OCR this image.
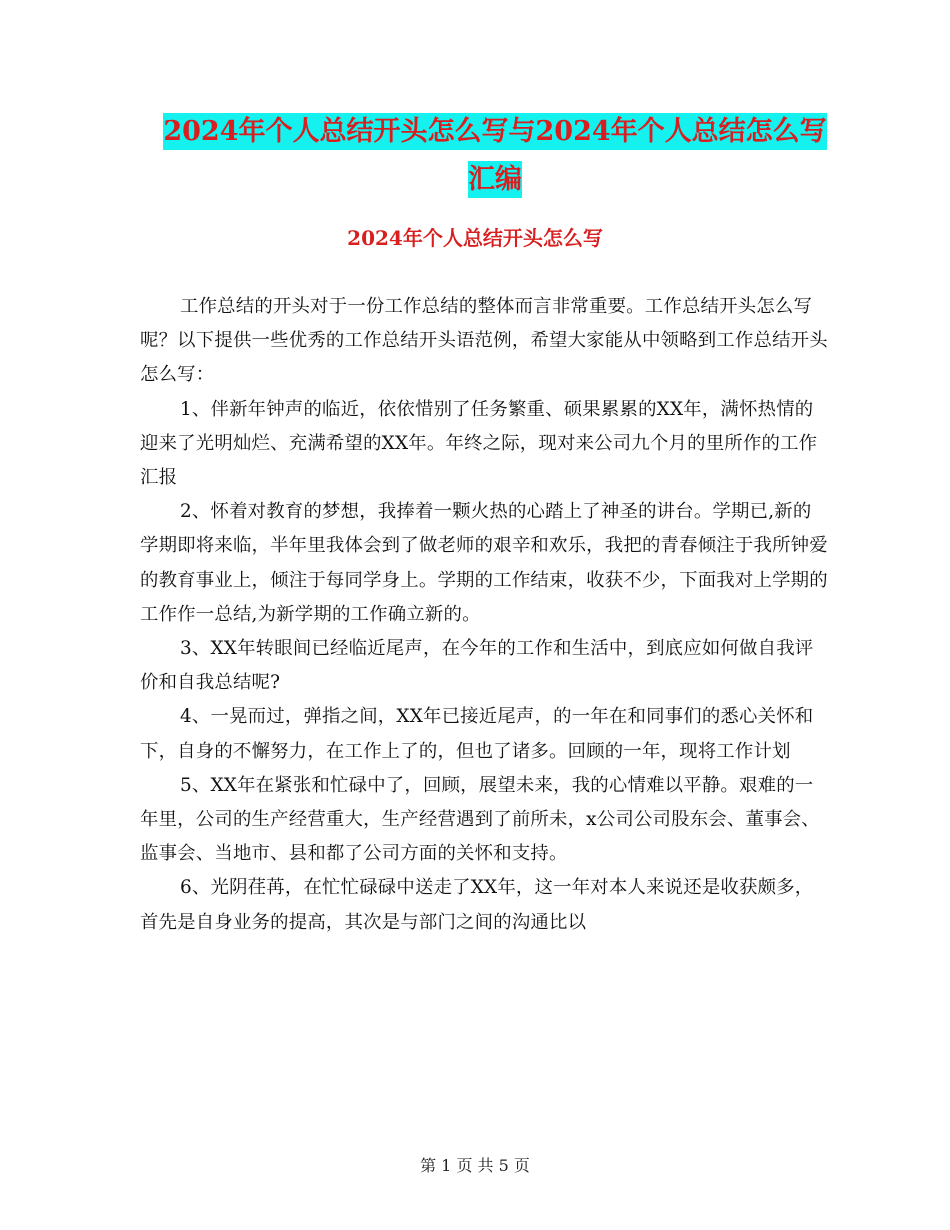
2024年个人总结开头怎么写与2024年个人总结怎么写
汇编
2024年个人总结开头怎么写

工作总结的开头对于一份工作总结的整体而言非常重要。工作总结开头怎么写呢？以下提供一些优秀的工作总结开头语范例，希望大家能从中领略到工作总结开头怎么写：

1、伴新年钟声的临近，依依惜别了任务繁重、硕果累累的XX年，满怀热情的迎来了光明灿烂、充满希望的XX年。年终之际，现对来公司九个月的里所作的工作汇报

2、怀着对教育的梦想，我捧着一颗火热的心踏上了神圣的讲台。学期已,新的学期即将来临，半年里我体会到了做老师的艰辛和欢乐，我把的青春倾注于我所钟爱的教育事业上，倾注于每同学身上。学期的工作结束，收获不少，下面我对上学期的工作作一总结,为新学期的工作确立新的。

3、XX年转眼间已经临近尾声，在今年的工作和生活中，到底应如何做自我评价和自我总结呢?

4、一晃而过，弹指之间，XX年已接近尾声，的一年在和同事们的悉心关怀和下，自身的不懈努力，在工作上了的，但也了诸多。回顾的一年，现将工作计划

5、XX年在紧张和忙碌中了，回顾，展望未来，我的心情难以平静。艰难的一年里，公司的生产经营重大，生产经营遇到了前所未，x公司公司股东会、董事会、监事会、当地市、县和都了公司方面的关怀和支持。

6、光阴荏苒，在忙忙碌碌中送走了XX年，这一年对本人来说还是收获颇多，首先是自身业务的提高，其次是与部门之间的沟通比以

第 1 页 共 5 页
